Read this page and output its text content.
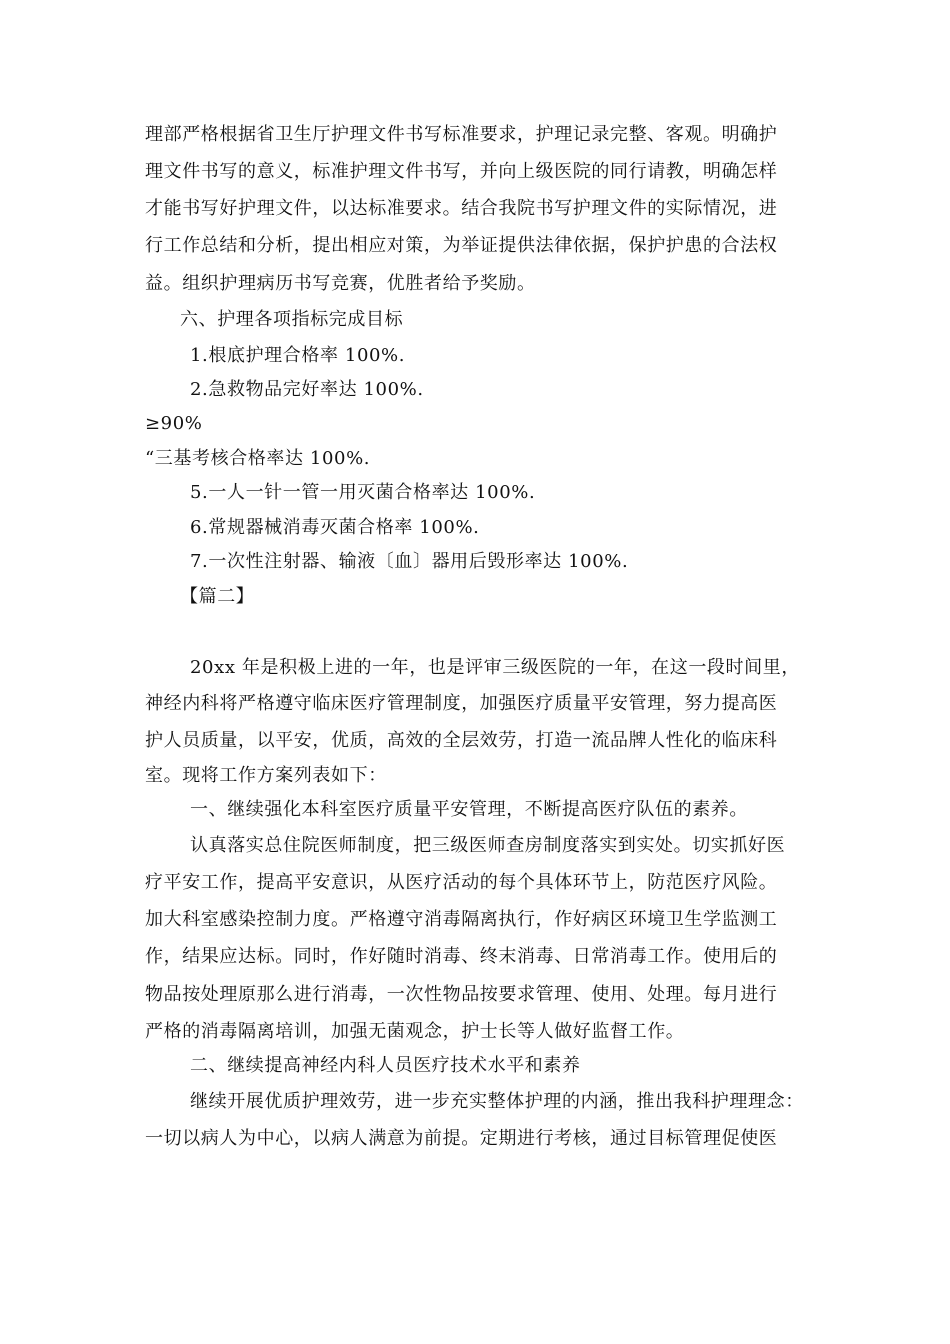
理部严格根据省卫生厅护理文件书写标准要求，护理记录完整、客观。明确护
理文件书写的意义，标准护理文件书写，并向上级医院的同行请教，明确怎样
才能书写好护理文件，以达标准要求。结合我院书写护理文件的实际情况，进
行工作总结和分析，提出相应对策，为举证提供法律依据，保护护患的合法权
益。组织护理病历书写竞赛，优胜者给予奖励。
六、护理各项指标完成目标
1.根底护理合格率 100%.
2.急救物品完好率达 100%.
≥90%
“三基考核合格率达 100%.
5.一人一针一管一用灭菌合格率达 100%.
6.常规器械消毒灭菌合格率 100%.
7.一次性注射器、输液〔血〕器用后毁形率达 100%.
【篇二】
20xx 年是积极上进的一年，也是评审三级医院的一年，在这一段时间里，
神经内科将严格遵守临床医疗管理制度，加强医疗质量平安管理，努力提高医
护人员质量，以平安，优质，高效的全层效劳，打造一流品牌人性化的临床科
室。现将工作方案列表如下：
一、继续强化本科室医疗质量平安管理，不断提高医疗队伍的素养。
认真落实总住院医师制度，把三级医师查房制度落实到实处。切实抓好医
疗平安工作，提高平安意识，从医疗活动的每个具体环节上，防范医疗风险。
加大科室感染控制力度。严格遵守消毒隔离执行，作好病区环境卫生学监测工
作，结果应达标。同时，作好随时消毒、终末消毒、日常消毒工作。使用后的
物品按处理原那么进行消毒，一次性物品按要求管理、使用、处理。每月进行
严格的消毒隔离培训，加强无菌观念，护士长等人做好监督工作。
二、继续提高神经内科人员医疗技术水平和素养
继续开展优质护理效劳，进一步充实整体护理的内涵，推出我科护理理念：
一切以病人为中心，以病人满意为前提。定期进行考核，通过目标管理促使医
